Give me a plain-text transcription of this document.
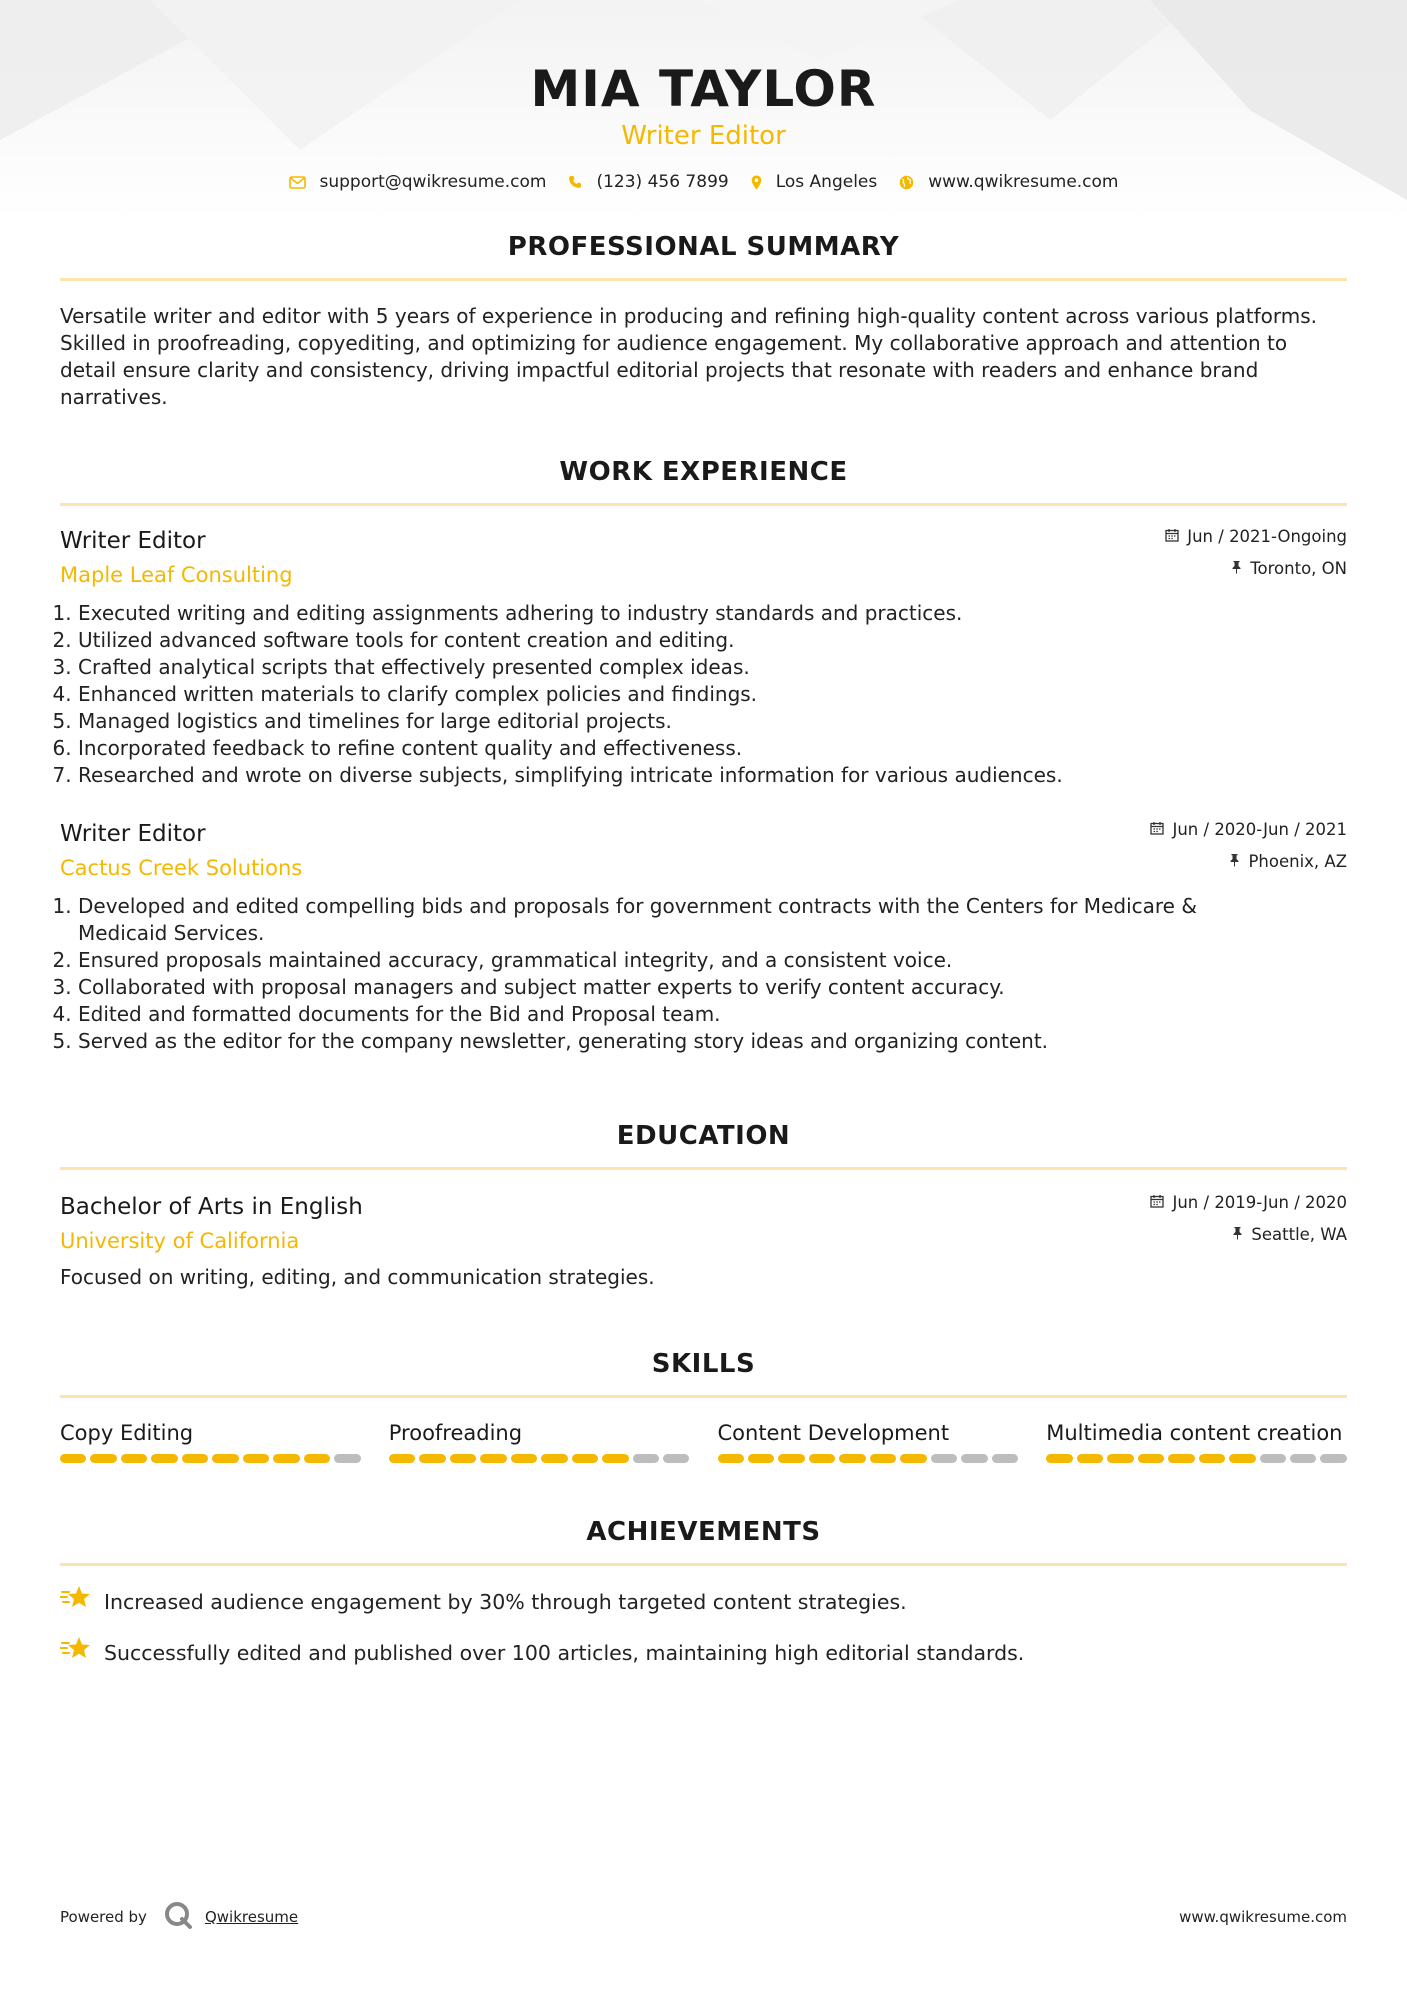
MIA TAYLOR
Writer Editor
support@qwikresume.com	(123) 456 7899	Los Angeles	www.qwikresume.com
PROFESSIONAL SUMMARY
Versatile writer and editor with 5 years of experience in producing and refining high-quality content across various platforms. Skilled in proofreading, copyediting, and optimizing for audience engagement. My collaborative approach and attention to detail ensure clarity and consistency, driving impactful editorial projects that resonate with readers and enhance brand narratives.
WORK EXPERIENCE
Writer Editor
Maple Leaf Consulting
Jun / 2021-Ongoing
Toronto, ON
1. Executed writing and editing assignments adhering to industry standards and practices.
2. Utilized advanced software tools for content creation and editing.
3. Crafted analytical scripts that effectively presented complex ideas.
4. Enhanced written materials to clarify complex policies and findings.
5. Managed logistics and timelines for large editorial projects.
6. Incorporated feedback to refine content quality and effectiveness.
7. Researched and wrote on diverse subjects, simplifying intricate information for various audiences.
Writer Editor
Cactus Creek Solutions
Jun / 2020-Jun / 2021
Phoenix, AZ
1. Developed and edited compelling bids and proposals for government contracts with the Centers for Medicare & Medicaid Services.
2. Ensured proposals maintained accuracy, grammatical integrity, and a consistent voice.
3. Collaborated with proposal managers and subject matter experts to verify content accuracy.
4. Edited and formatted documents for the Bid and Proposal team.
5. Served as the editor for the company newsletter, generating story ideas and organizing content.
EDUCATION
Bachelor of Arts in English
University of California
Jun / 2019-Jun / 2020
Seattle, WA
Focused on writing, editing, and communication strategies.
SKILLS
Copy Editing	Proofreading	Content Development	Multimedia content creation
ACHIEVEMENTS
Increased audience engagement by 30% through targeted content strategies.
Successfully edited and published over 100 articles, maintaining high editorial standards.
Powered by	Qwikresume	www.qwikresume.com
